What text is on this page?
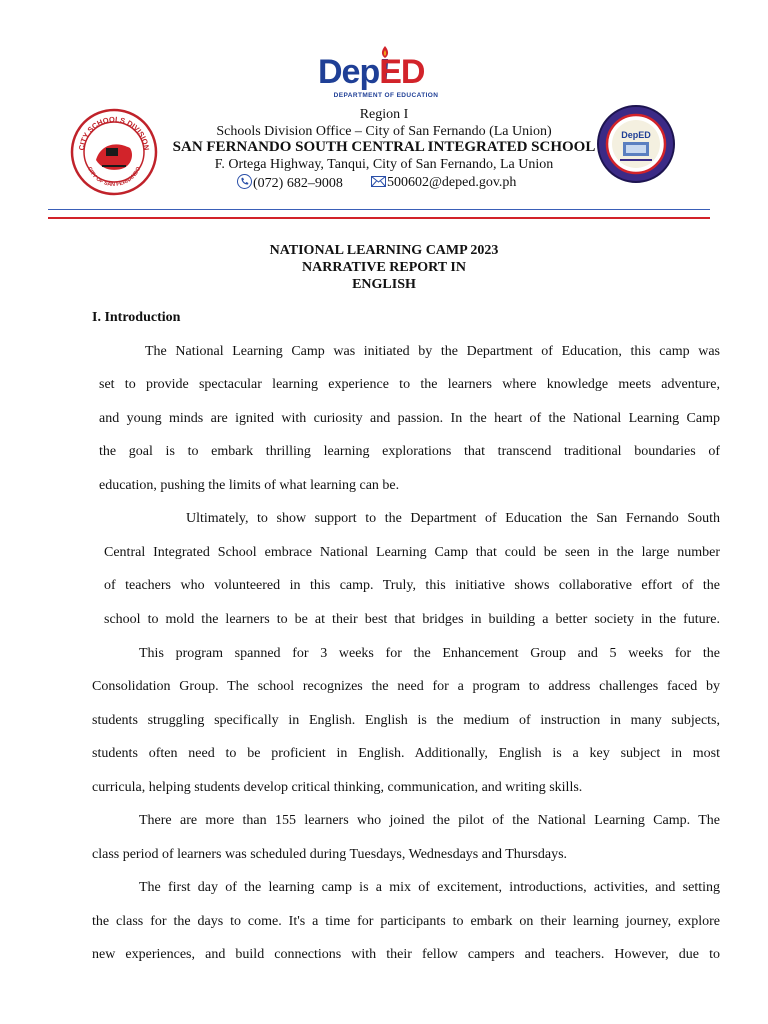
DepED
DEPARTMENT OF EDUCATION
CITY SCHOOLS DIVISION
CITY OF SAN FERNANDO
DepED
Region I
Schools Division Office – City of San Fernando (La Union)
SAN FERNANDO SOUTH CENTRAL INTEGRATED SCHOOL
F. Ortega Highway, Tanqui, City of San Fernando, La Union
(072) 682–9008	500602@deped.gov.ph
NATIONAL LEARNING CAMP 2023
NARRATIVE REPORT IN
ENGLISH
I. Introduction
The National Learning Camp was initiated by the Department of Education, this camp was
set to provide spectacular learning experience to the learners where knowledge meets adventure,
and young minds are ignited with curiosity and passion. In the heart of the National Learning Camp
the goal is to embark thrilling learning explorations that transcend traditional boundaries of
education, pushing the limits of what learning can be.
Ultimately, to show support to the Department of Education the San Fernando South
Central Integrated School embrace National Learning Camp that could be seen in the large number
of teachers who volunteered in this camp. Truly, this initiative shows collaborative effort of the
school to mold the learners to be at their best that bridges in building a better society in the future.
This program spanned for 3 weeks for the Enhancement Group and 5 weeks for the
Consolidation Group. The school recognizes the need for a program to address challenges faced by
students struggling specifically in English. English is the medium of instruction in many subjects,
students often need to be proficient in English. Additionally, English is a key subject in most
curricula, helping students develop critical thinking, communication, and writing skills.
There are more than 155 learners who joined the pilot of the National Learning Camp. The
class period of learners was scheduled during Tuesdays, Wednesdays and Thursdays.
The first day of the learning camp is a mix of excitement, introductions, activities, and setting
the class for the days to come. It's a time for participants to embark on their learning journey, explore
new experiences, and build connections with their fellow campers and teachers. However, due to
